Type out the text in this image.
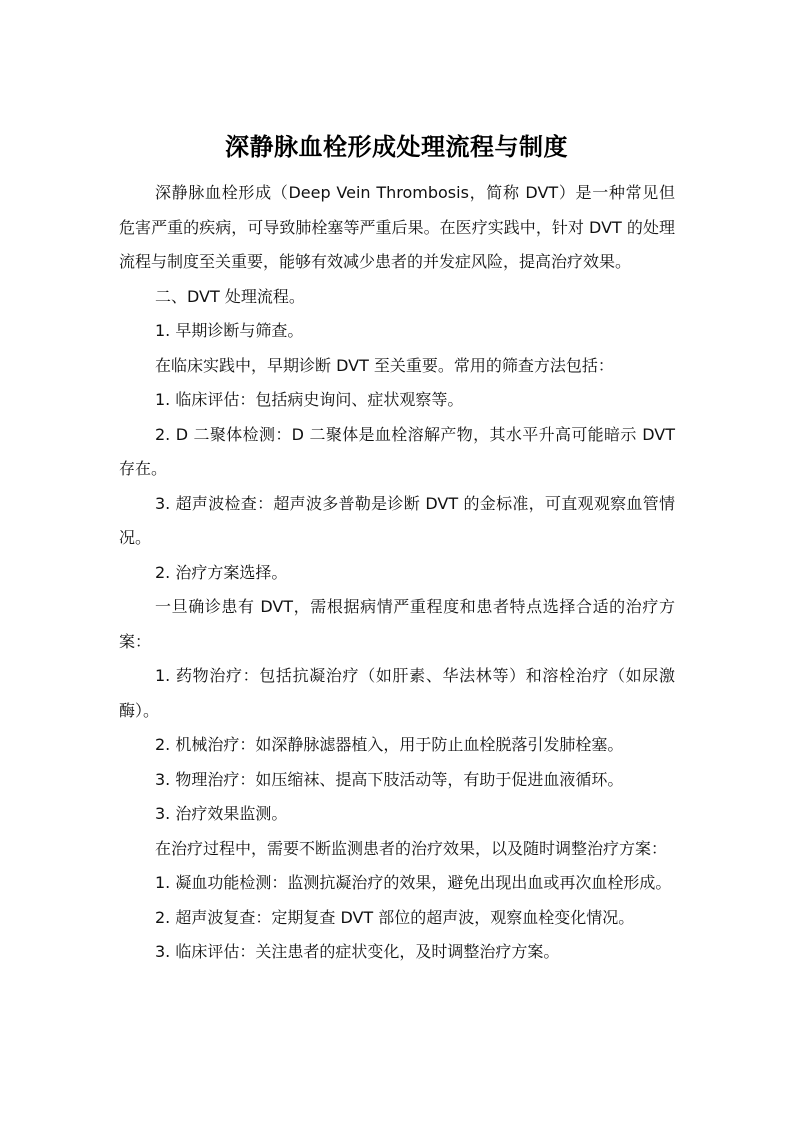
深静脉血栓形成处理流程与制度

深静脉血栓形成（Deep Vein Thrombosis，简称 DVT）是一种常见但危害严重的疾病，可导致肺栓塞等严重后果。在医疗实践中，针对 DVT 的处理流程与制度至关重要，能够有效减少患者的并发症风险，提高治疗效果。

二、DVT 处理流程。

1. 早期诊断与筛查。

在临床实践中，早期诊断 DVT 至关重要。常用的筛查方法包括：

1. 临床评估：包括病史询问、症状观察等。

2. D 二聚体检测：D 二聚体是血栓溶解产物，其水平升高可能暗示 DVT 存在。

3. 超声波检查：超声波多普勒是诊断 DVT 的金标准，可直观观察血管情况。

2. 治疗方案选择。

一旦确诊患有 DVT，需根据病情严重程度和患者特点选择合适的治疗方案：

1. 药物治疗：包括抗凝治疗（如肝素、华法林等）和溶栓治疗（如尿激酶）。

2. 机械治疗：如深静脉滤器植入，用于防止血栓脱落引发肺栓塞。

3. 物理治疗：如压缩袜、提高下肢活动等，有助于促进血液循环。

3. 治疗效果监测。

在治疗过程中，需要不断监测患者的治疗效果，以及随时调整治疗方案：

1. 凝血功能检测：监测抗凝治疗的效果，避免出现出血或再次血栓形成。

2. 超声波复查：定期复查 DVT 部位的超声波，观察血栓变化情况。

3. 临床评估：关注患者的症状变化，及时调整治疗方案。
